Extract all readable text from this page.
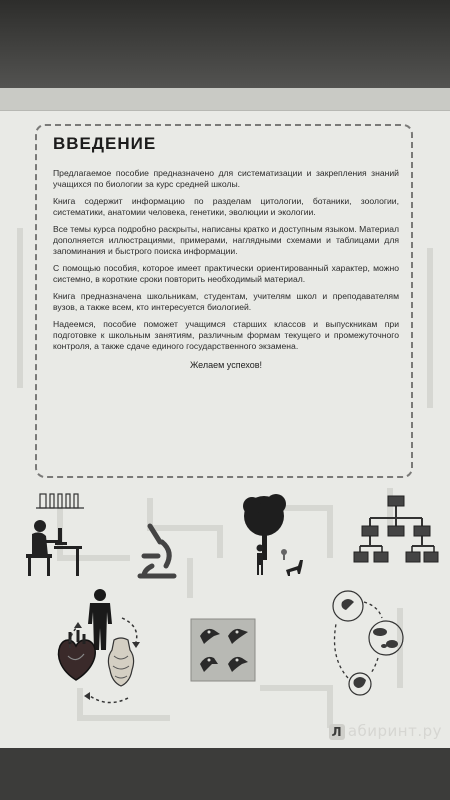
ВВЕДЕНИЕ

Предлагаемое пособие предназначено для систематизации и закрепления знаний учащихся по биологии за курс средней школы.

Книга содержит информацию по разделам цитологии, ботаники, зоологии, систематики, анатомии человека, генетики, эволюции и экологии.

Все темы курса подробно раскрыты, написаны кратко и доступным языком. Материал дополняется иллюстрациями, примерами, наглядными схемами и таблицами для запоминания и быстрого поиска информации.

С помощью пособия, которое имеет практически ориентированный характер, можно системно, в короткие сроки повторить необходимый материал.

Книга предназначена школьникам, студентам, учителям школ и преподавателям вузов, а также всем, кто интересуется биологией.

Надеемся, пособие поможет учащимся старших классов и выпускникам при подготовке к школьным занятиям, различным формам текущего и промежуточного контроля, а также сдаче единого государственного экзамена.

Желаем успехов!
Л абиринт.ру
